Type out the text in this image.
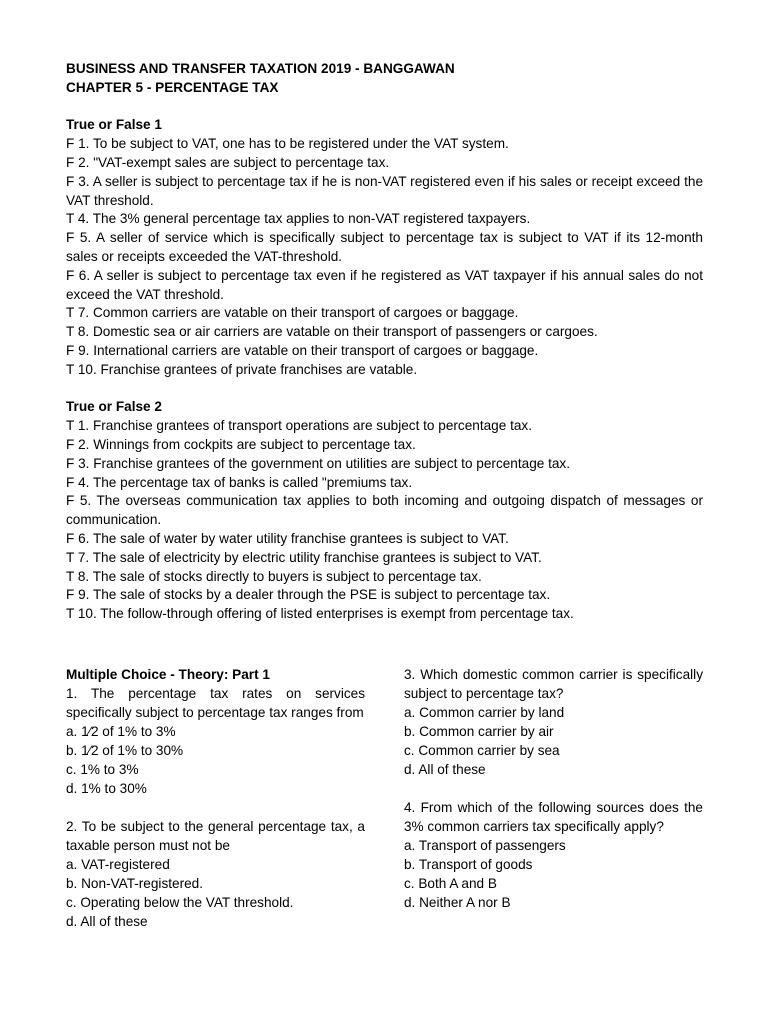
BUSINESS AND TRANSFER TAXATION 2019 - BANGGAWAN

CHAPTER 5 - PERCENTAGE TAX

True or False 1

F 1. To be subject to VAT, one has to be registered under the VAT system.

F 2. "VAT-exempt sales are subject to percentage tax.

F 3. A seller is subject to percentage tax if he is non-VAT registered even if his sales or receipt exceed the VAT threshold.

T 4. The 3% general percentage tax applies to non-VAT registered taxpayers.

F 5. A seller of service which is specifically subject to percentage tax is subject to VAT if its 12-month sales or receipts exceeded the VAT-threshold.

F 6. A seller is subject to percentage tax even if he registered as VAT taxpayer if his annual sales do not exceed the VAT threshold.

T 7. Common carriers are vatable on their transport of cargoes or baggage.

T 8. Domestic sea or air carriers are vatable on their transport of passengers or cargoes.

F 9. International carriers are vatable on their transport of cargoes or baggage.

T 10. Franchise grantees of private franchises are vatable.

True or False 2

T 1. Franchise grantees of transport operations are subject to percentage tax.

F 2. Winnings from cockpits are subject to percentage tax.

F 3. Franchise grantees of the government on utilities are subject to percentage tax.

F 4. The percentage tax of banks is called "premiums tax.

F 5. The overseas communication tax applies to both incoming and outgoing dispatch of messages or communication.

F 6. The sale of water by water utility franchise grantees is subject to VAT.

T 7. The sale of electricity by electric utility franchise grantees is subject to VAT.

T 8. The sale of stocks directly to buyers is subject to percentage tax.

F 9. The sale of stocks by a dealer through the PSE is subject to percentage tax.

T 10. The follow-through offering of listed enterprises is exempt from percentage tax.

Multiple Choice - Theory: Part 1

1. The percentage tax rates on services specifically subject to percentage tax ranges from

a. 1⁄2 of 1% to 3%

b. 1⁄2 of 1% to 30%

c. 1% to 3%

d. 1% to 30%

2. To be subject to the general percentage tax, a taxable person must not be

a. VAT-registered

b. Non-VAT-registered.

c. Operating below the VAT threshold.

d. All of these

3. Which domestic common carrier is specifically subject to percentage tax?

a. Common carrier by land

b. Common carrier by air

c. Common carrier by sea

d. All of these

4. From which of the following sources does the 3% common carriers tax specifically apply?

a. Transport of passengers

b. Transport of goods

c. Both A and B

d. Neither A nor B
